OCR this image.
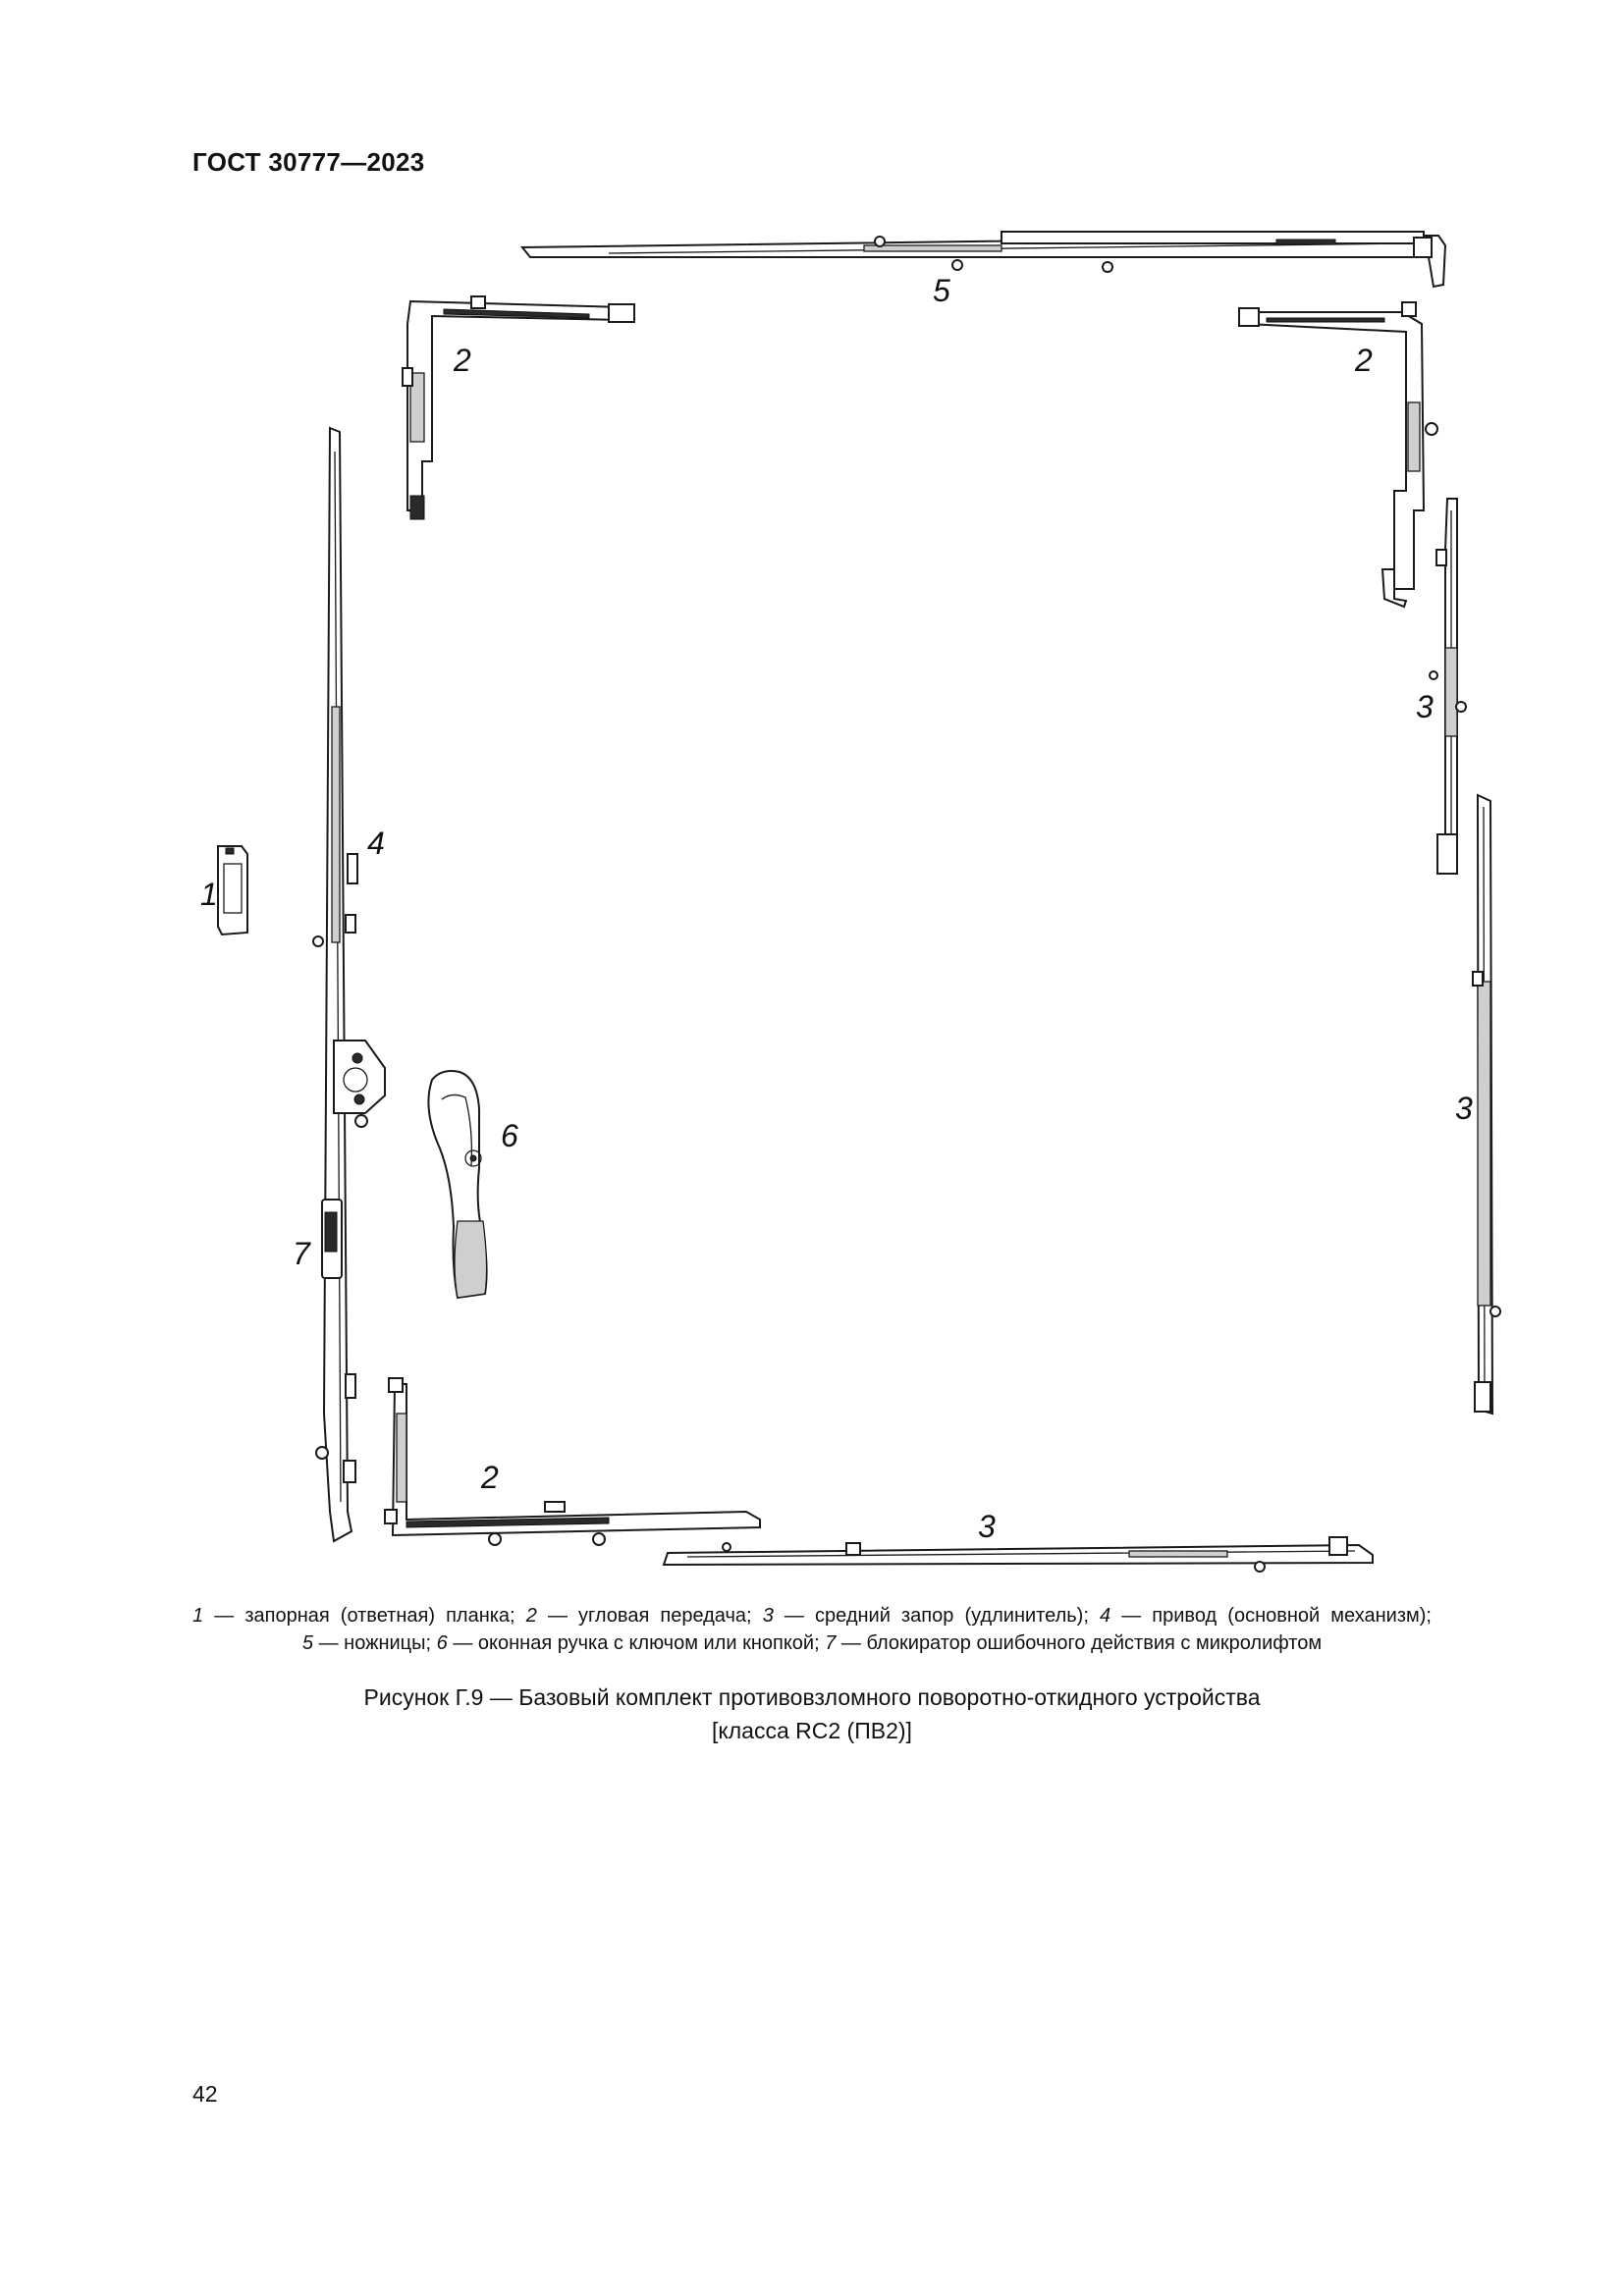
ГОСТ 30777—2023
5
2	2
3
4
1
3
6
7
2
3
1 — запорная (ответная) планка; 2 — угловая передача; 3 — средний запор (удлинитель); 4 — привод (основной механизм);
5 — ножницы; 6 — оконная ручка с ключом или кнопкой; 7 — блокиратор ошибочного действия с микролифтом
Рисунок Г.9 — Базовый комплект противовзломного поворотно-откидного устройства
[класса RC2 (ПВ2)]
42
